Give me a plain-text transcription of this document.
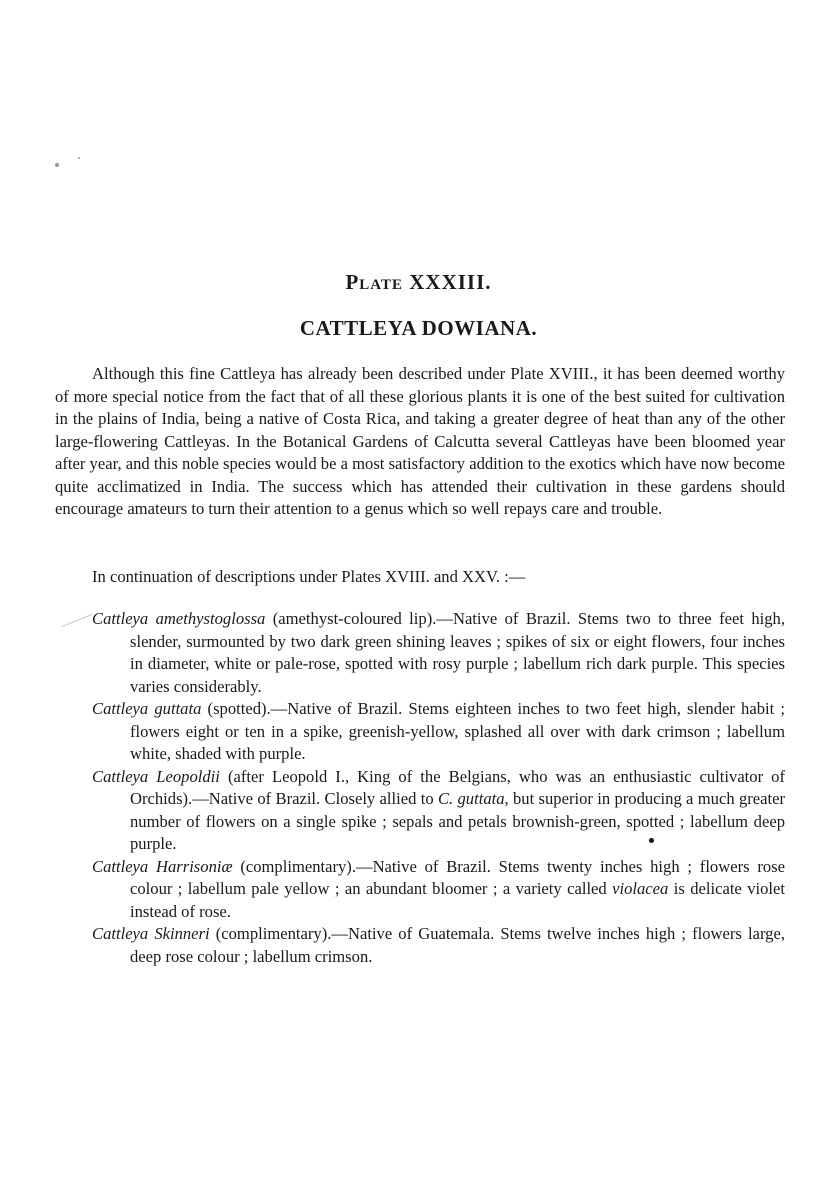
Plate XXXIII.
CATTLEYA DOWIANA.

Although this fine Cattleya has already been described under Plate XVIII., it has been deemed worthy of more special notice from the fact that of all these glorious plants it is one of the best suited for cultivation in the plains of India, being a native of Costa Rica, and taking a greater degree of heat than any of the other large-flowering Cattleyas. In the Botanical Gardens of Calcutta several Cattleyas have been bloomed year after year, and this noble species would be a most satisfactory addition to the exotics which have now become quite acclimatized in India. The success which has attended their cultivation in these gardens should encourage amateurs to turn their attention to a genus which so well repays care and trouble.

In continuation of descriptions under Plates XVIII. and XXV. :—

Cattleya amethystoglossa (amethyst-coloured lip).—Native of Brazil. Stems two to three feet high, slender, surmounted by two dark green shining leaves ; spikes of six or eight flowers, four inches in diameter, white or pale-rose, spotted with rosy purple ; labellum rich dark purple. This species varies considerably.
Cattleya guttata (spotted).—Native of Brazil. Stems eighteen inches to two feet high, slender habit ; flowers eight or ten in a spike, greenish-yellow, splashed all over with dark crimson ; labellum white, shaded with purple.
Cattleya Leopoldii (after Leopold I., King of the Belgians, who was an enthusiastic cultivator of Orchids).—Native of Brazil. Closely allied to C. guttata, but superior in producing a much greater number of flowers on a single spike ; sepals and petals brownish-green, spotted ; labellum deep purple.
Cattleya Harrisoniæ (complimentary).—Native of Brazil. Stems twenty inches high ; flowers rose colour ; labellum pale yellow ; an abundant bloomer ; a variety called violacea is delicate violet instead of rose.
Cattleya Skinneri (complimentary).—Native of Guatemala. Stems twelve inches high ; flowers large, deep rose colour ; labellum crimson.
